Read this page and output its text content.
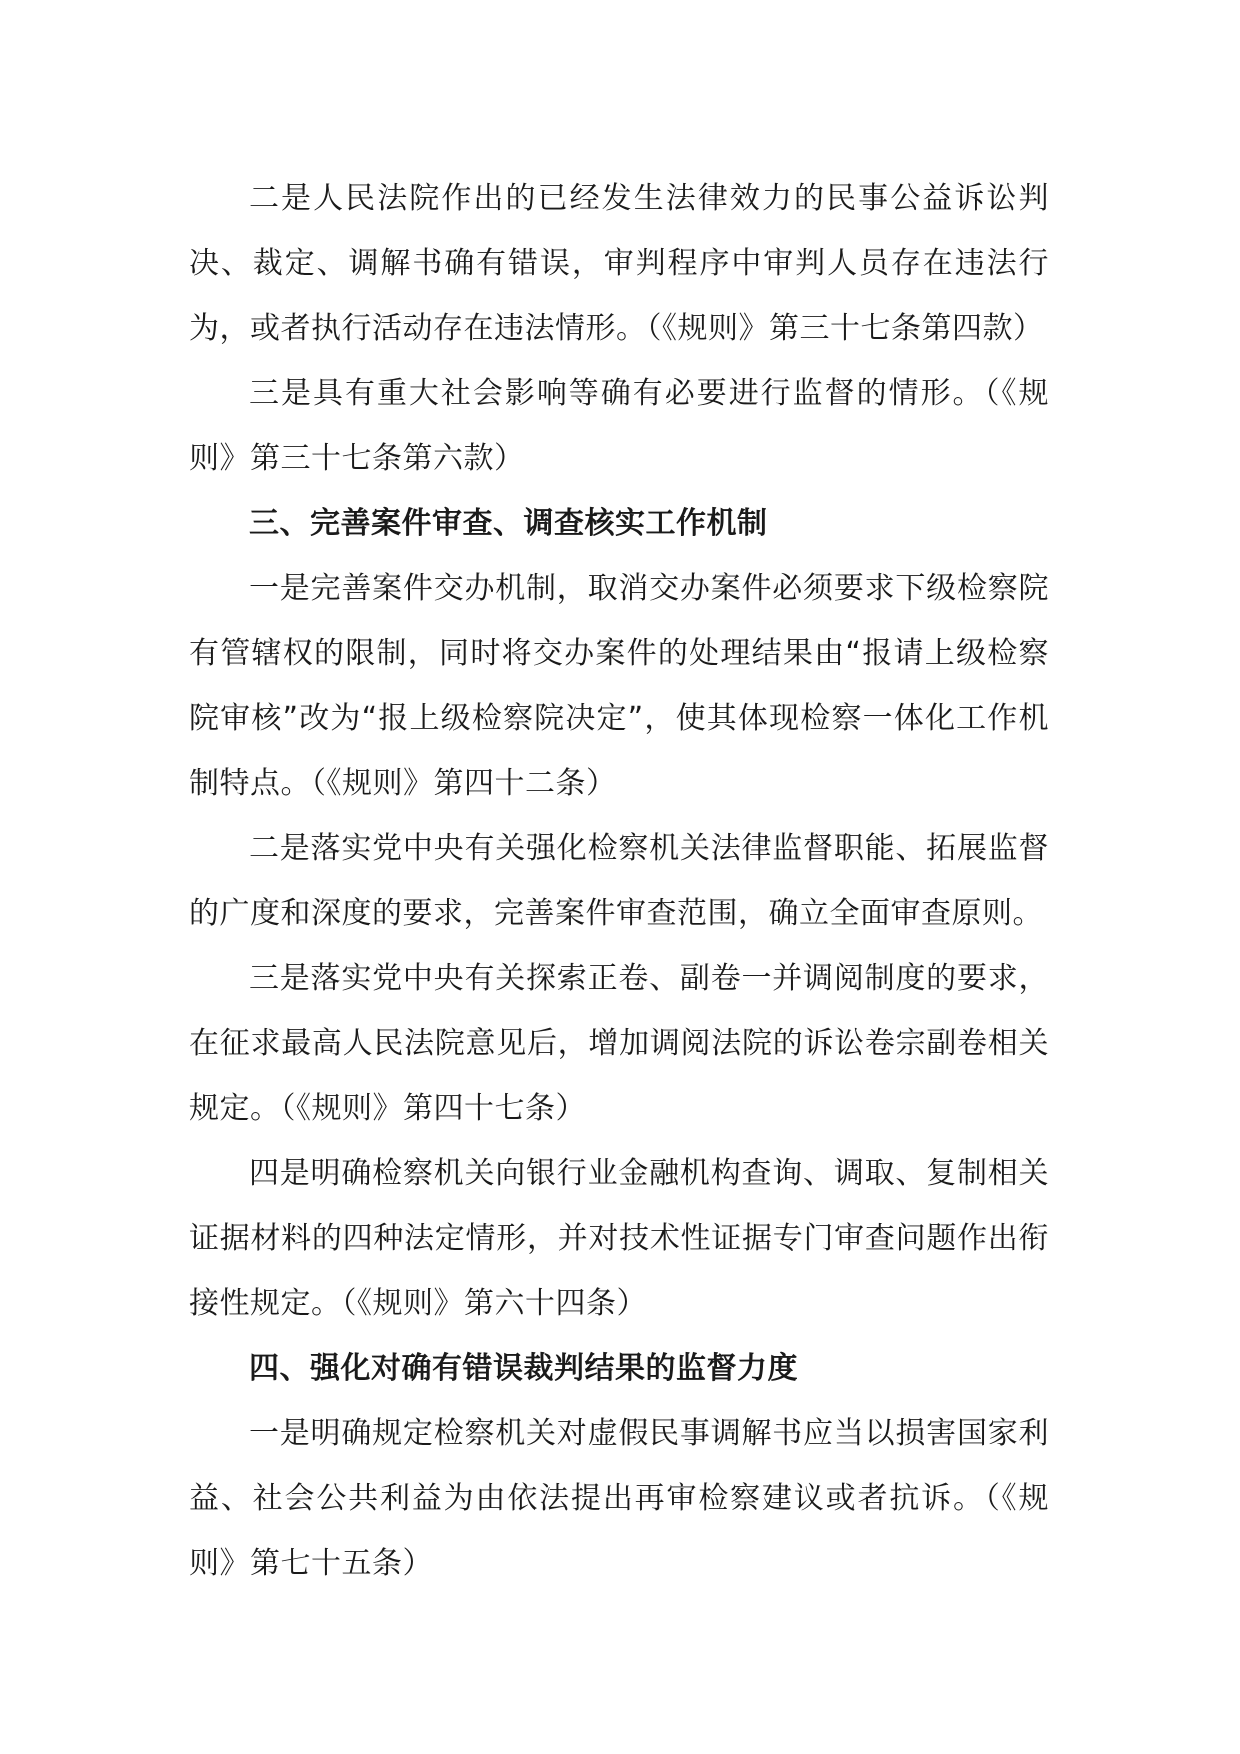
二是人民法院作出的已经发生法律效力的民事公益诉讼判决、裁定、调解书确有错误，审判程序中审判人员存在违法行为，或者执行活动存在违法情形。（《规则》第三十七条第四款）

三是具有重大社会影响等确有必要进行监督的情形。（《规则》第三十七条第六款）

三、完善案件审查、调查核实工作机制

一是完善案件交办机制，取消交办案件必须要求下级检察院有管辖权的限制，同时将交办案件的处理结果由“报请上级检察院审核”改为“报上级检察院决定”，使其体现检察一体化工作机制特点。（《规则》第四十二条）

二是落实党中央有关强化检察机关法律监督职能、拓展监督的广度和深度的要求，完善案件审查范围，确立全面审查原则。

三是落实党中央有关探索正卷、副卷一并调阅制度的要求，在征求最高人民法院意见后，增加调阅法院的诉讼卷宗副卷相关规定。（《规则》第四十七条）

四是明确检察机关向银行业金融机构查询、调取、复制相关证据材料的四种法定情形，并对技术性证据专门审查问题作出衔接性规定。（《规则》第六十四条）

四、强化对确有错误裁判结果的监督力度

一是明确规定检察机关对虚假民事调解书应当以损害国家利益、社会公共利益为由依法提出再审检察建议或者抗诉。（《规则》第七十五条）
